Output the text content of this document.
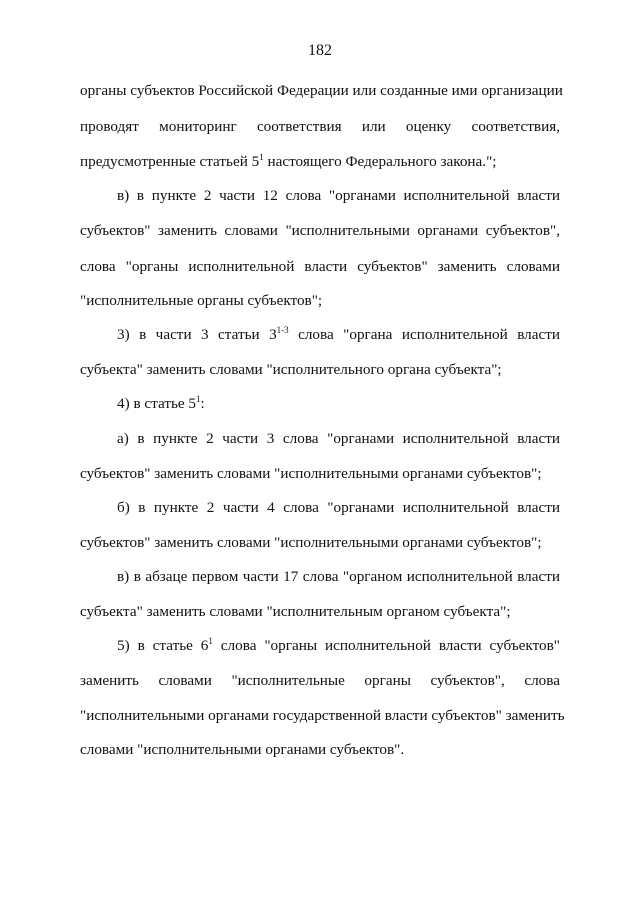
182
органы субъектов Российской Федерации или созданные ими организации
проводят мониторинг соответствия или оценку соответствия,
предусмотренные статьей $5^1$ настоящего Федерального закона.";
в) в пункте 2 части 12 слова "органами исполнительной власти
субъектов" заменить словами "исполнительными органами субъектов",
слова "органы исполнительной власти субъектов" заменить словами
"исполнительные органы субъектов";
3) в части 3 статьи 3$^{1-3}$ слова "органа исполнительной власти
субъекта" заменить словами "исполнительного органа субъекта";
4) в статье $5^1$:
а) в пункте 2 части 3 слова "органами исполнительной власти
субъектов" заменить словами "исполнительными органами субъектов";
б) в пункте 2 части 4 слова "органами исполнительной власти
субъектов" заменить словами "исполнительными органами субъектов";
в) в абзаце первом части 17 слова "органом исполнительной власти
субъекта" заменить словами "исполнительным органом субъекта";
5) в статье $6^1$ слова "органы исполнительной власти субъектов"
заменить словами "исполнительные органы субъектов", слова
"исполнительными органами государственной власти субъектов" заменить
словами "исполнительными органами субъектов".
